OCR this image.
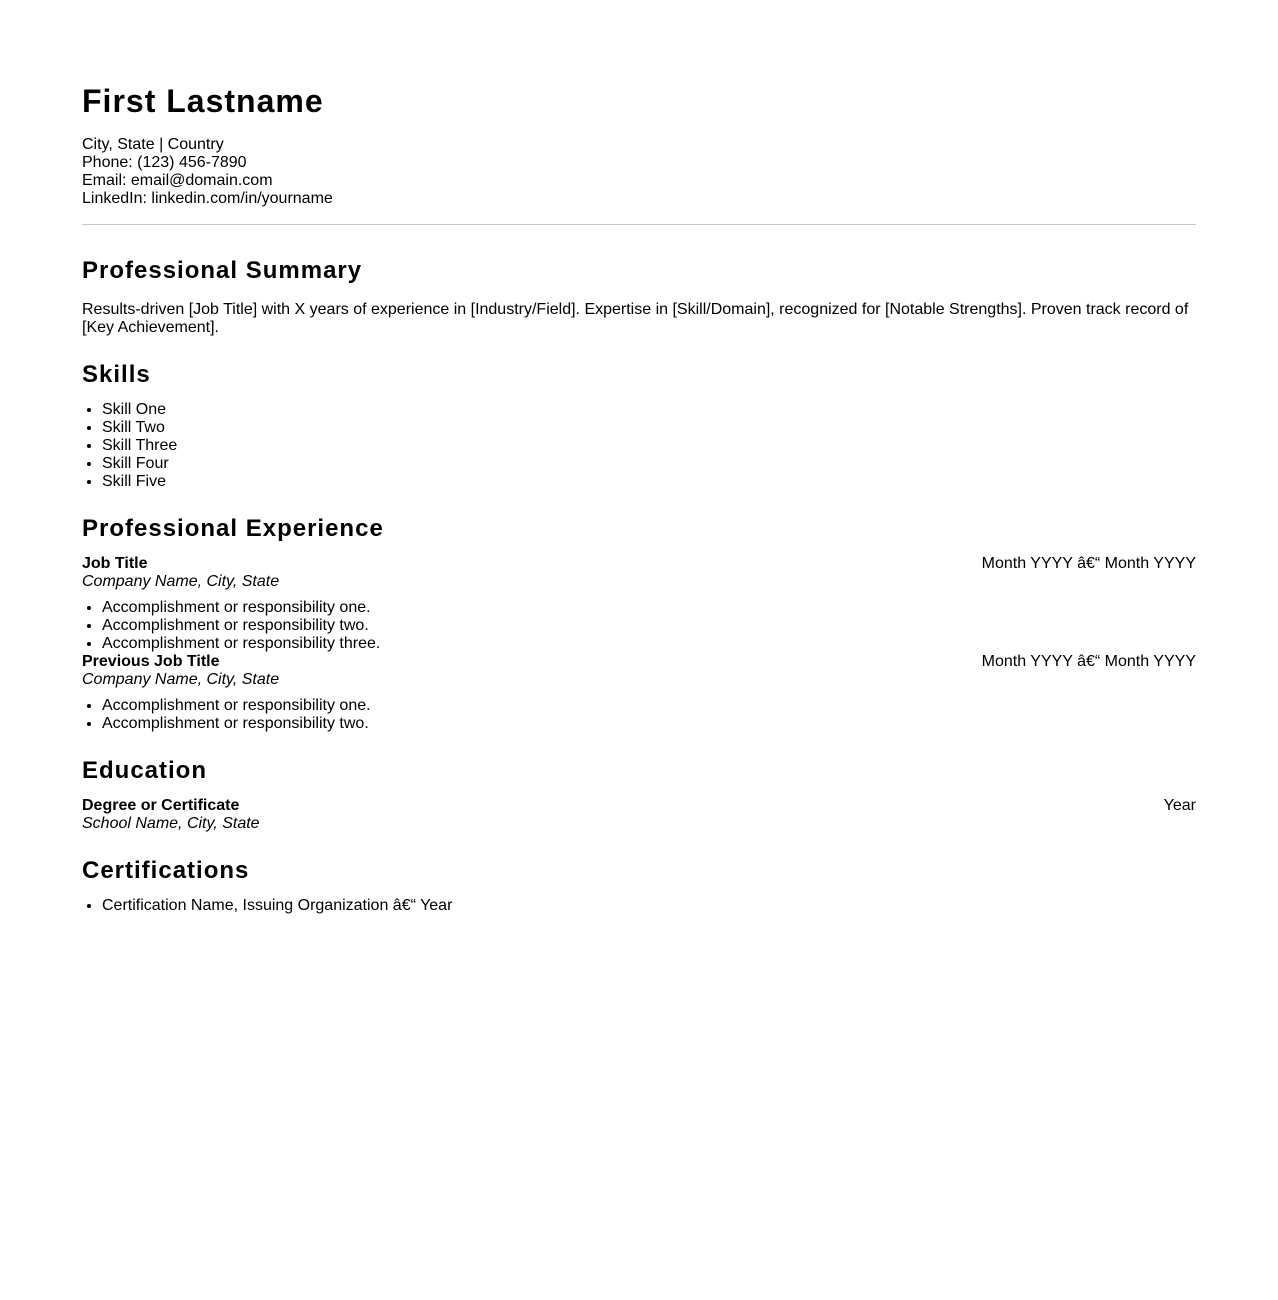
First Lastname
City, State | Country
Phone: (123) 456-7890
Email: email@domain.com
LinkedIn: linkedin.com/in/yourname
Professional Summary
Results-driven [Job Title] with X years of experience in [Industry/Field]. Expertise in [Skill/Domain], recognized for [Notable Strengths]. Proven track record of [Key Achievement].
Skills
• Skill One
• Skill Two
• Skill Three
• Skill Four
• Skill Five
Professional Experience
Job Title	Month YYYY â€“ Month YYYY
Company Name, City, State
• Accomplishment or responsibility one.
• Accomplishment or responsibility two.
• Accomplishment or responsibility three.
Previous Job Title	Month YYYY â€“ Month YYYY
Company Name, City, State
• Accomplishment or responsibility one.
• Accomplishment or responsibility two.
Education
Degree or Certificate	Year
School Name, City, State
Certifications
• Certification Name, Issuing Organization â€“ Year
